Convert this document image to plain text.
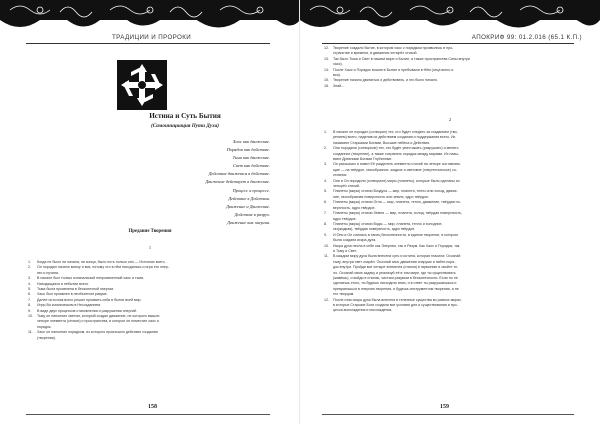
ТРАДИЦИИ И ПРОРОКИ
Истина и Суть Бытия
(Самоинициация Пути Духа)
Хаос как движение.
Порядок как действие.
Тьма как движение.
Свет как действие.
Действие движется в действие.
Движение действует в движение.
Процесс в процессе.
Действие в Действии.
Движение и Движение.
Действие в разрух.
Движение как энергия.
Предание Творения
1
1. Когда не было ни начала, ни конца, было есть только оно — Источник всего.
2. Он породил начало всему и вся, потому что в нём находилась и игра его энер-
гии и пучина.
3. В начале был только изначальный непроявленный хаос и тьма.
4. Находящаяся в небытии всего.
5. Тьма была проявлена в бесконечной энергии.
6. Хаос был проявлен в необъятном разуме.
7. Далее источник всего решил проявить себя в бытие всей мир.
8. Игры Во космическом в Несозданием.
9. В виде двух процессов становления и разрушения энергий.
10. Тьму он наполнил светом, который создал движение, не которого вышли
четыре элемента (стихии) и пространства, в которое он поместил хаос и
порядок.
11. Хаос он наполнил порядком, из которого произошло действие создания
(творения).
158
АПОКРИФ 99: 01.2.016 (65.1 К.П.)
12. Творение создало бытие, в котором хаос с порядком проявились в про-
странстве и времени, в движении четырёх стихий.
13. Так было Тьма и Свет в нашем мире и Бытие, а также пространства Силы внутри
хаос).
14. После Хаос и Порядок вошли в Бытие и пребывали в Нём (отца всего и
вся).
15. Творение начало двигаться и действовать, и это было начало.
16. Знай...
2
1. В начале он породил (сотворил) тех, кто будет следить за созданием (тво-
рением) всего, наделив их действием создания и поддержания всего. Их
называют Старшими Богами, Высшие небеса и Действия.
2. Они породили (сотворили) тех, кто будет уничтожать (разрушать) и менять
созданное (творение), а также сохранять порядок между мирами. Их назы-
вают Древними Богами Глубинные.
3. Он рассказал и повел Её разделять элементы стихий на четыре составляю-
щие — на твёрдое, газообразное, жидкое и световое (энергетическое) со-
стояния.
4. Они и Он породили (сотворили) миры (планеты), которые были сделаны из
четырёх стихий.
5. Планеты (миры) стихии Воздуха — мир, планета, тепло или холод, движе-
ние, газообразная поверхность или земля, ядро твёрдое.
6. Планеты (миры) стихии Огня — мир, планета, тепло, движение, твёрдая по-
верхность, ядро твёрдое.
7. Планеты (миры) стихии Земли — мир, планета, холод, твёрдая поверхность,
ядро твёрдое.
8. Планеты (миры) стихии Воды — мир, планета, тепло и холодное,
газ(жидкая), твёрдая поверхность, ядро твёрдое.
9. И Они и Он слились в танец бесконечности, в единое творение, в котором
была создана искра духа.
10. Искра духа несла в себе как Энергию, так и Разум. Как Хаос и Порядок, так
и Тьму и Свет.
11. В каждом миру духа была внесена суть и истина, которая гласила: Осознай
тьму, внутри свет озарён. Осознай хаос движения снаружи и найти поря-
док внутри. Пройди все четыре элемента (стихии) в гармонию и свойте те-
ло. Осознай свою задачу и реализуй её в том мире, где ты существовать
(живёшь), и войди в стихию, чистым разумом в бесконечности. Если ты не
сделаешь этого, ты будешь нисходить вниз, и в ответ ты разрушаешься и
превратишься в энергию творения, и будешь инструментом творения, а не
его творцом.
12. После итак искра духа была внесена в телесные существа во разных мирах,
в которых Старшие Боги создали все условия для и существования и про-
цесса восхождения и нисхождения.
159
